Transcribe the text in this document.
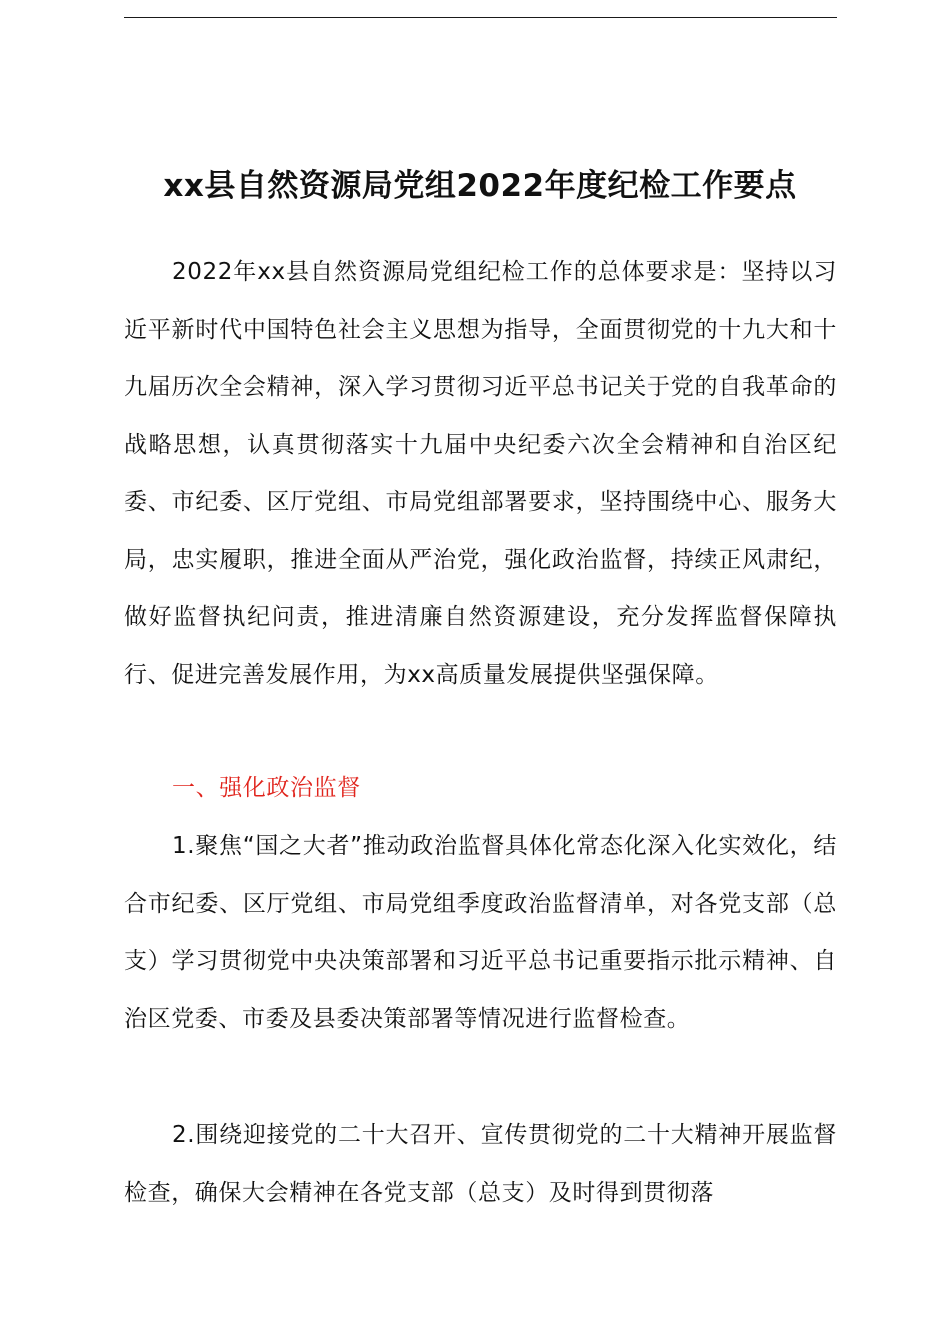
xx县自然资源局党组2022年度纪检工作要点

2022年xx县自然资源局党组纪检工作的总体要求是：坚持以习近平新时代中国特色社会主义思想为指导，全面贯彻党的十九大和十九届历次全会精神，深入学习贯彻习近平总书记关于党的自我革命的战略思想，认真贯彻落实十九届中央纪委六次全会精神和自治区纪委、市纪委、区厅党组、市局党组部署要求，坚持围绕中心、服务大局，忠实履职，推进全面从严治党，强化政治监督，持续正风肃纪，做好监督执纪问责，推进清廉自然资源建设，充分发挥监督保障执行、促进完善发展作用，为xx高质量发展提供坚强保障。

一、强化政治监督

1.聚焦“国之大者”推动政治监督具体化常态化深入化实效化，结合市纪委、区厅党组、市局党组季度政治监督清单，对各党支部（总支）学习贯彻党中央决策部署和习近平总书记重要指示批示精神、自治区党委、市委及县委决策部署等情况进行监督检查。

2.围绕迎接党的二十大召开、宣传贯彻党的二十大精神开展监督检查，确保大会精神在各党支部（总支）及时得到贯彻落
